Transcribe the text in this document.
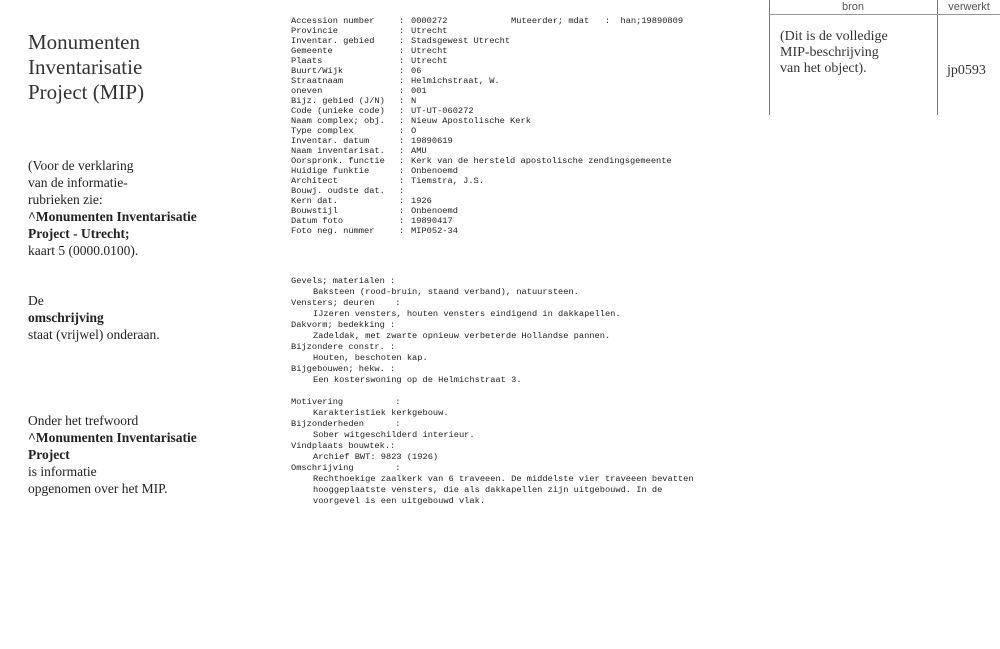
Monumenten
Inventarisatie
Project (MIP)

(Voor de verklaring
van de informatie-
rubrieken zie:
^Monumenten Inventarisatie
Project - Utrecht;
kaart 5 (0000.0100).

De
omschrijving
staat (vrijwel) onderaan.

Onder het trefwoord
^Monumenten Inventarisatie
Project
is informatie
opgenomen over het MIP.

Accession number	: 0000272	Muteerder; mdat   :  han;19890809
Provincie	: Utrecht
Inventar. gebied	: Stadsgewest Utrecht
Gemeente	: Utrecht
Plaats	: Utrecht
Buurt/Wijk	: 06
Straatnaam	: Helmichstraat, W.
oneven	: 001
Bijz. gebied (J/N) : N
Code (unieke code) : UT-UT-060272
Naam complex; obj. : Nieuw Apostolische Kerk
Type complex	: O
Inventar. datum	: 19890619
Naam inventarisat. : AMU
Oorspronk. functie : Kerk van de hersteld apostolische zendingsgemeente
Huidige funktie	: Onbenoemd
Architect	: Tiemstra, J.S.
Bouwj. oudste dat. :
Kern dat.	: 1926
Bouwstijl	: Onbenoemd
Datum foto	: 19890417
Foto neg. nummer	: MIP052-34
Gevels; materialen :
Baksteen (rood-bruin, staand verband), natuursteen.
Vensters; deuren    :
IJzeren vensters, houten vensters eindigend in dakkapellen.
Dakvorm; bedekking :
Zadeldak, met zwarte opnieuw verbeterde Hollandse pannen.
Bijzondere constr. :
Houten, beschoten kap.
Bijgebouwen; hekw. :
Een kosterswoning op de Helmichstraat 3.
Motivering          :
Karakteristiek kerkgebouw.
Bijzonderheden      :
Sober witgeschilderd interieur.
Vindplaats bouwtek.:
Archief BWT: 9823 (1926)
Omschrijving        :
Rechthoekige zaalkerk van 6 traveeen. De middelste vier traveeen bevatten
hooggeplaatste vensters, die als dakkapellen zijn uitgebouwd. In de
voorgevel is een uitgebouwd vlak.
bron	verwerkt
(Dit is de volledige
MIP-beschrijving
van het object).	jp0593
